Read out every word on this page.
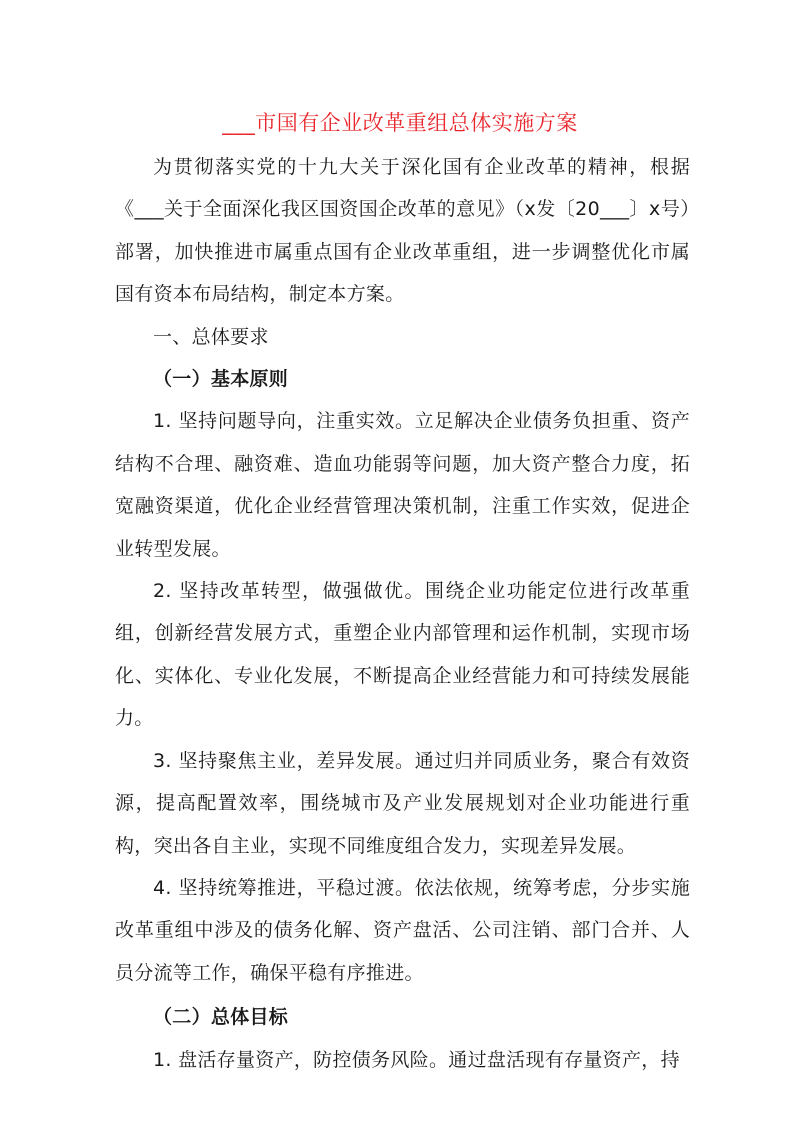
___市国有企业改革重组总体实施方案

为贯彻落实党的十九大关于深化国有企业改革的精神，根据《___关于全面深化我区国资国企改革的意见》（x发〔20___〕x号）部署，加快推进市属重点国有企业改革重组，进一步调整优化市属国有资本布局结构，制定本方案。

一、总体要求

（一）基本原则

1. 坚持问题导向，注重实效。立足解决企业债务负担重、资产结构不合理、融资难、造血功能弱等问题，加大资产整合力度，拓宽融资渠道，优化企业经营管理决策机制，注重工作实效，促进企业转型发展。

2. 坚持改革转型，做强做优。围绕企业功能定位进行改革重组，创新经营发展方式，重塑企业内部管理和运作机制，实现市场化、实体化、专业化发展，不断提高企业经营能力和可持续发展能力。

3. 坚持聚焦主业，差异发展。通过归并同质业务，聚合有效资源，提高配置效率，围绕城市及产业发展规划对企业功能进行重构，突出各自主业，实现不同维度组合发力，实现差异发展。

4. 坚持统筹推进，平稳过渡。依法依规，统筹考虑，分步实施改革重组中涉及的债务化解、资产盘活、公司注销、部门合并、人员分流等工作，确保平稳有序推进。

（二）总体目标

1. 盘活存量资产，防控债务风险。通过盘活现有存量资产，持
